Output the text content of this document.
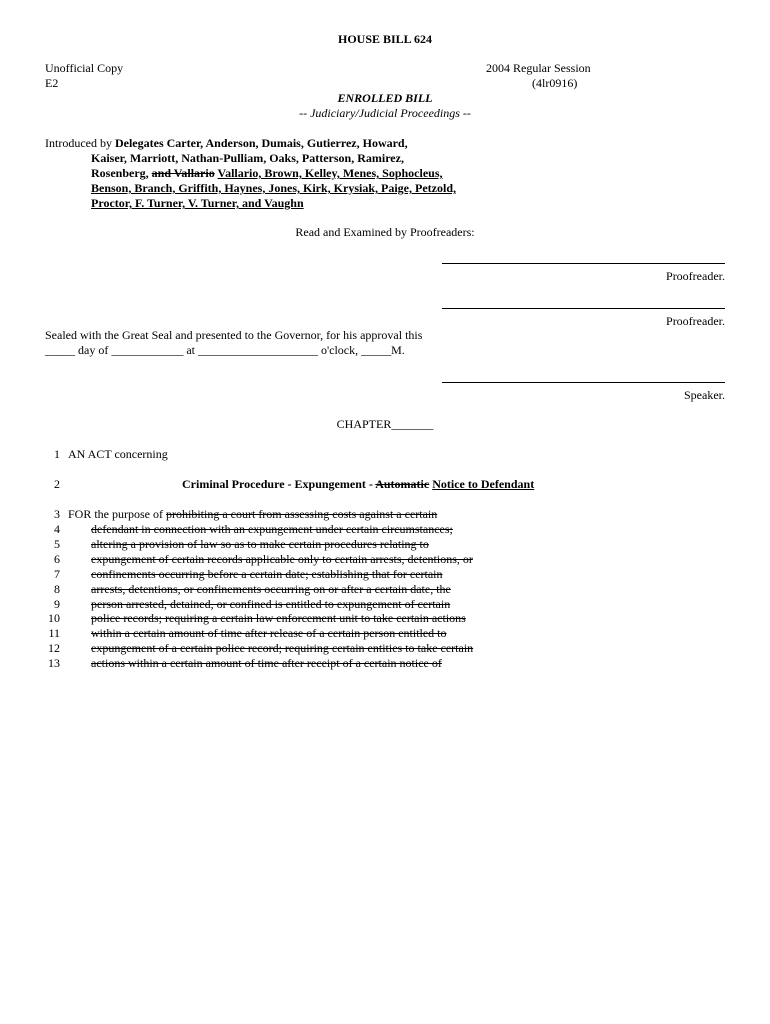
HOUSE BILL 624
Unofficial Copy	2004 Regular Session
E2	(4lr0916)
ENROLLED BILL
-- Judiciary/Judicial Proceedings --
Introduced by Delegates Carter, Anderson, Dumais, Gutierrez, Howard,
Kaiser, Marriott, Nathan-Pulliam, Oaks, Patterson, Ramirez,
Rosenberg, and Vallario Vallario, Brown, Kelley, Menes, Sophocleus,
Benson, Branch, Griffith, Haynes, Jones, Kirk, Krysiak, Paige, Petzold,
Proctor, F. Turner, V. Turner, and Vaughn
Read and Examined by Proofreaders:
Proofreader.
Proofreader.
Sealed with the Great Seal and presented to the Governor, for his approval this
_____ day of ____________ at ____________________ o'clock, _____M.
Speaker.
CHAPTER_______
1 AN ACT concerning
2	Criminal Procedure - Expungement - Automatic Notice to Defendant
3 FOR the purpose of prohibiting a court from assessing costs against a certain
4	defendant in connection with an expungement under certain circumstances;
5	altering a provision of law so as to make certain procedures relating to
6	expungement of certain records applicable only to certain arrests, detentions, or
7	confinements occurring before a certain date; establishing that for certain
8	arrests, detentions, or confinements occurring on or after a certain date, the
9	person arrested, detained, or confined is entitled to expungement of certain
10	police records; requiring a certain law enforcement unit to take certain actions
11	within a certain amount of time after release of a certain person entitled to
12	expungement of a certain police record; requiring certain entities to take certain
13	actions within a certain amount of time after receipt of a certain notice of
